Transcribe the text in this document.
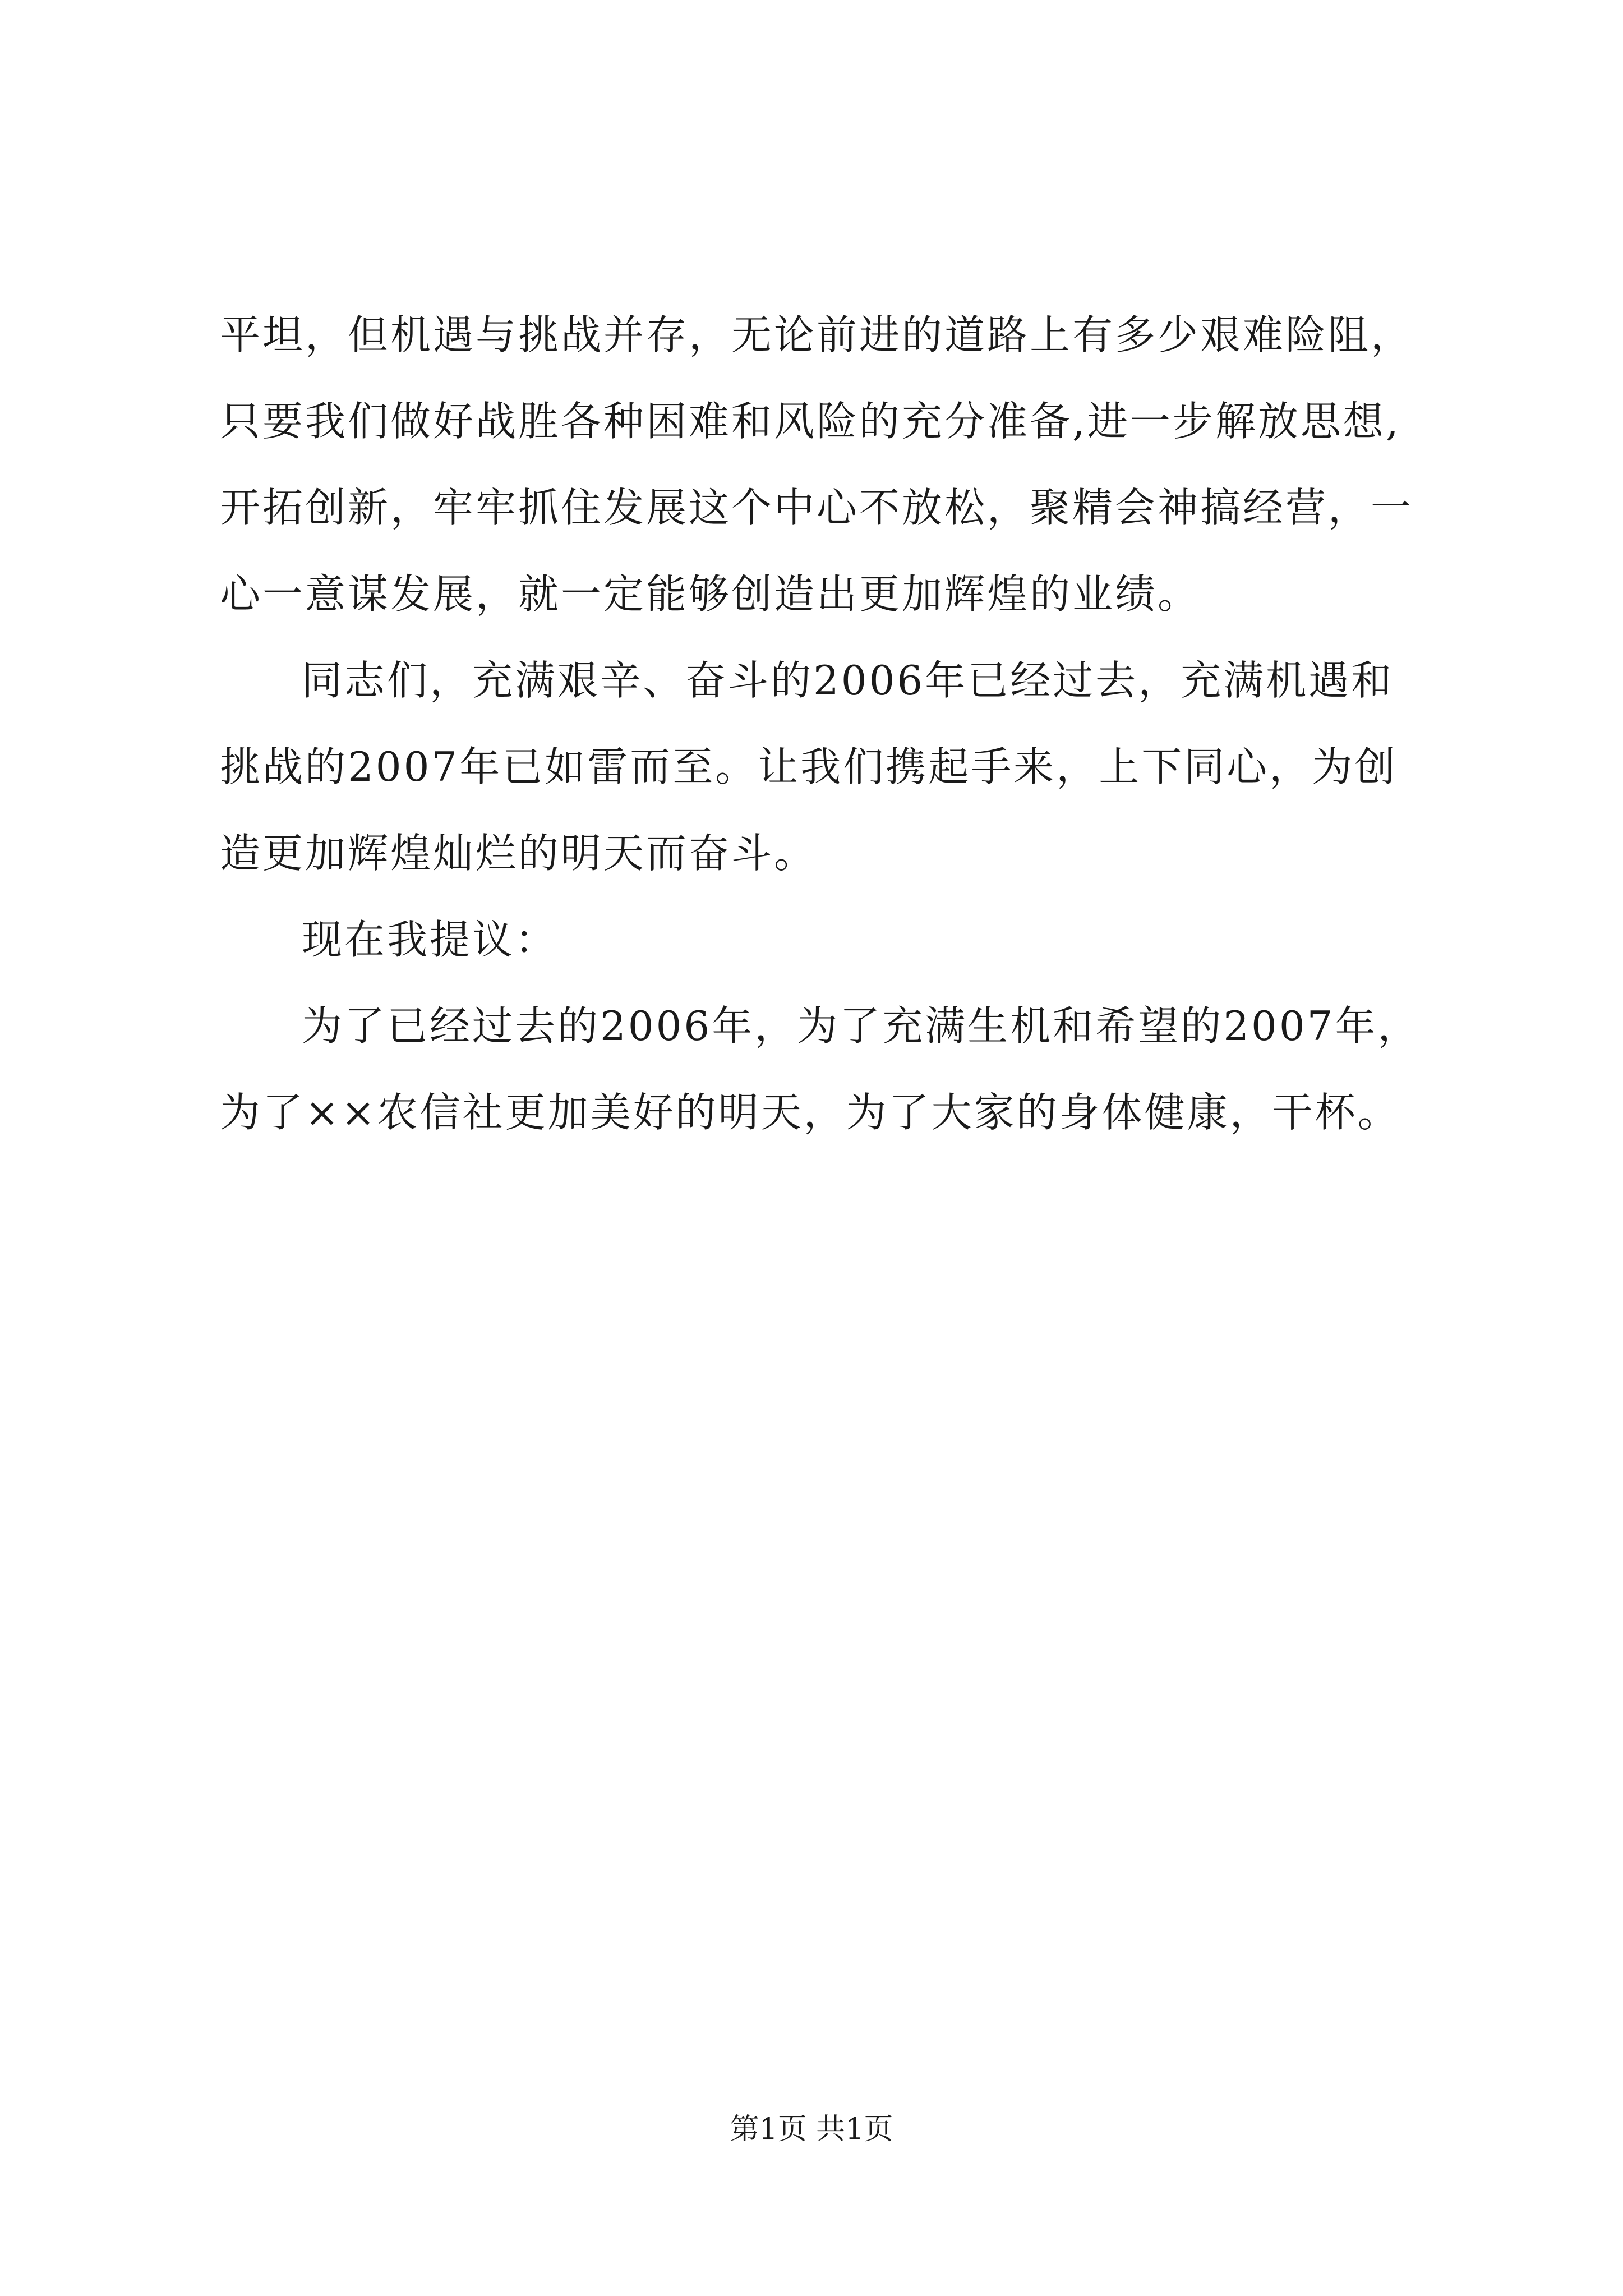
平坦，但机遇与挑战并存，无论前进的道路上有多少艰难险阻，
只要我们做好战胜各种困难和风险的充分准备,进一步解放思想,
开拓创新，牢牢抓住发展这个中心不放松，聚精会神搞经营，一
心一意谋发展，就一定能够创造出更加辉煌的业绩。
同志们，充满艰辛、奋斗的2006年已经过去，充满机遇和
挑战的2007年已如雷而至。让我们携起手来，上下同心，为创
造更加辉煌灿烂的明天而奋斗。
现在我提议：
为了已经过去的2006年，为了充满生机和希望的2007年，
为了××农信社更加美好的明天，为了大家的身体健康，干杯。
第1页 共1页
